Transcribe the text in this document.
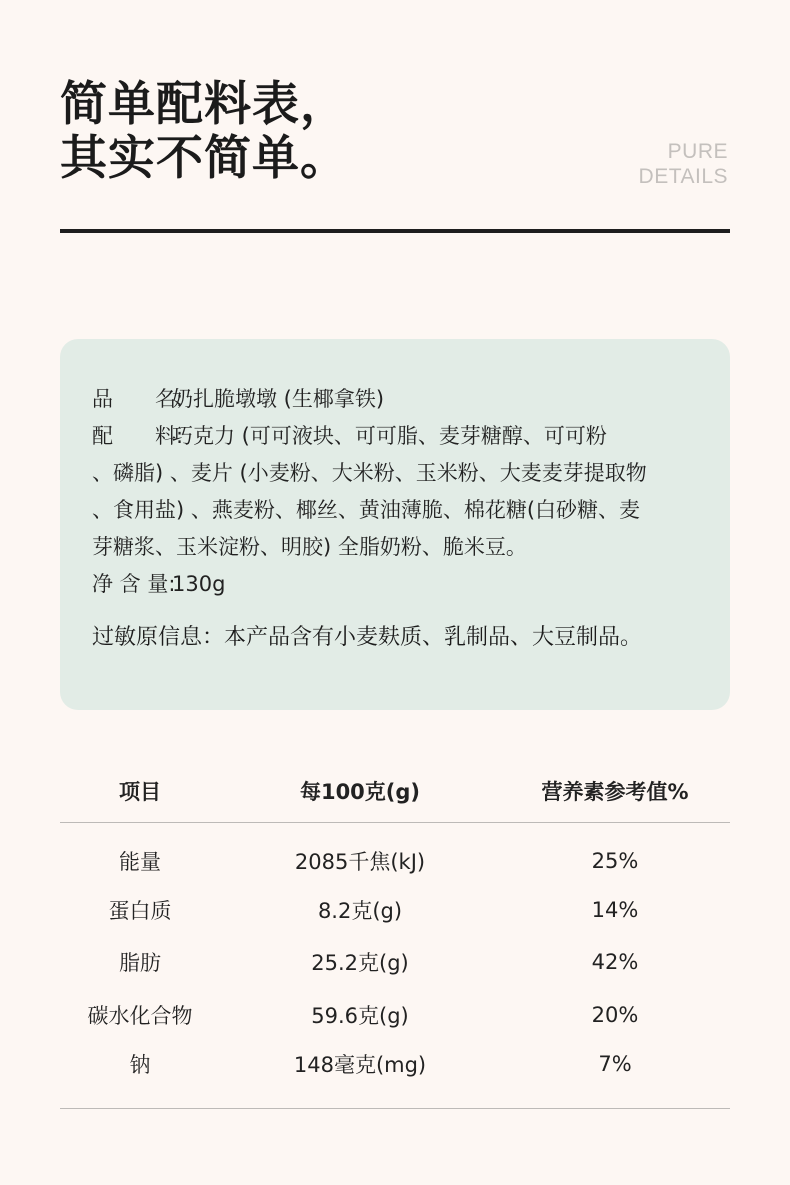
简单配料表，
其实不简单。	PURE
DETAILS
品　　名:奶扎脆墩墩 (生椰拿铁)
配　　料:巧克力 (可可液块、可可脂、麦芽糖醇、可可粉
、磷脂) 、麦片 (小麦粉、大米粉、玉米粉、大麦麦芽提取物
、食用盐) 、燕麦粉、椰丝、黄油薄脆、棉花糖(白砂糖、麦
芽糖浆、玉米淀粉、明胶) 全脂奶粉、脆米豆。
净 含 量:130g
过敏原信息：本产品含有小麦麸质、乳制品、大豆制品。
项目	每100克(g)	营养素参考值%
能量	2085千焦(kJ)	25%
蛋白质	8.2克(g)	14%
脂肪	25.2克(g)	42%
碳水化合物	59.6克(g)	20%
钠	148毫克(mg)	7%
